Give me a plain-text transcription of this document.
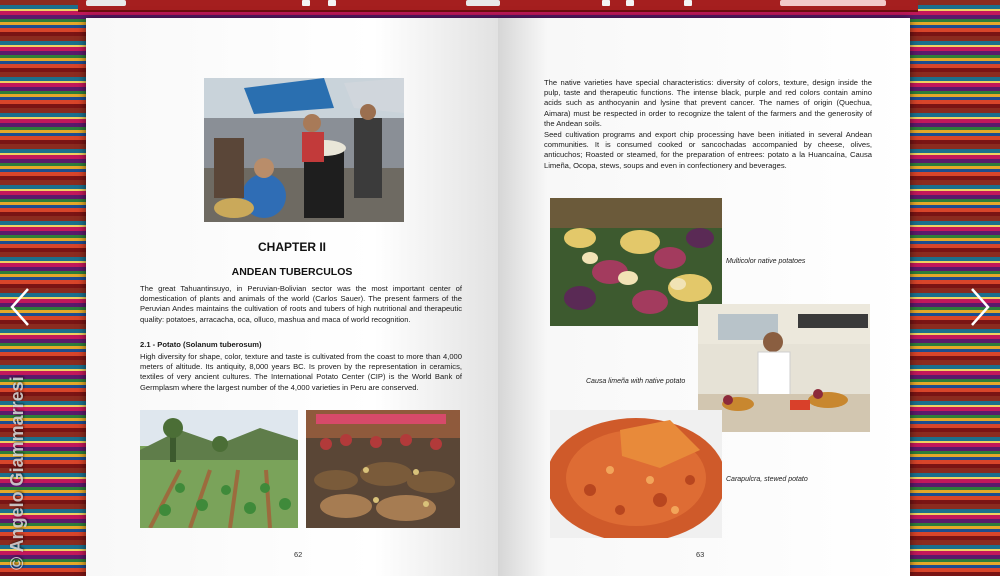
© Angelo Giammarresi
CHAPTER II
ANDEAN TUBERCULOS
The great Tahuantinsuyo, in Peruvian-Bolivian sector was the most important center of domestication of plants and animals of the world (Carlos Sauer). The present farmers of the Peruvian Andes maintains the cultivation of roots and tubers of high nutritional and therapeutic quality: potatoes, arracacha, oca, olluco, mashua and maca of world recognition.
2.1 - Potato (Solanum tuberosum)
High diversity for shape, color, texture and taste is cultivated from the coast to more than 4,000 meters of altitude. Its antiquity, 8,000 years BC. Is proven by the representation in ceramics, textiles of very ancient cultures. The International Potato Center (CIP) is the World Bank of Germplasm where the largest number of the 4,000 varieties in Peru are conserved.
62
The native varieties have special characteristics: diversity of colors, texture, design inside the pulp, taste and therapeutic functions. The intense black, purple and red colors contain amino acids such as anthocyanin and lysine that prevent cancer. The names of origin (Quechua, Aimara) must be respected in order to recognize the talent of the farmers and the generosity of the Andean soils.
Seed cultivation programs and export chip processing have been initiated in several Andean communities. It is consumed cooked or sancochadas accompanied by cheese, olives, anticuchos; Roasted or steamed, for the preparation of entrees: potato a la Huancaína, Causa Limeña, Ocopa, stews, soups and even in confectionery and beverages.
Multicolor native potatoes
Causa limeña with native potato
Carapulcra, stewed potato
63
